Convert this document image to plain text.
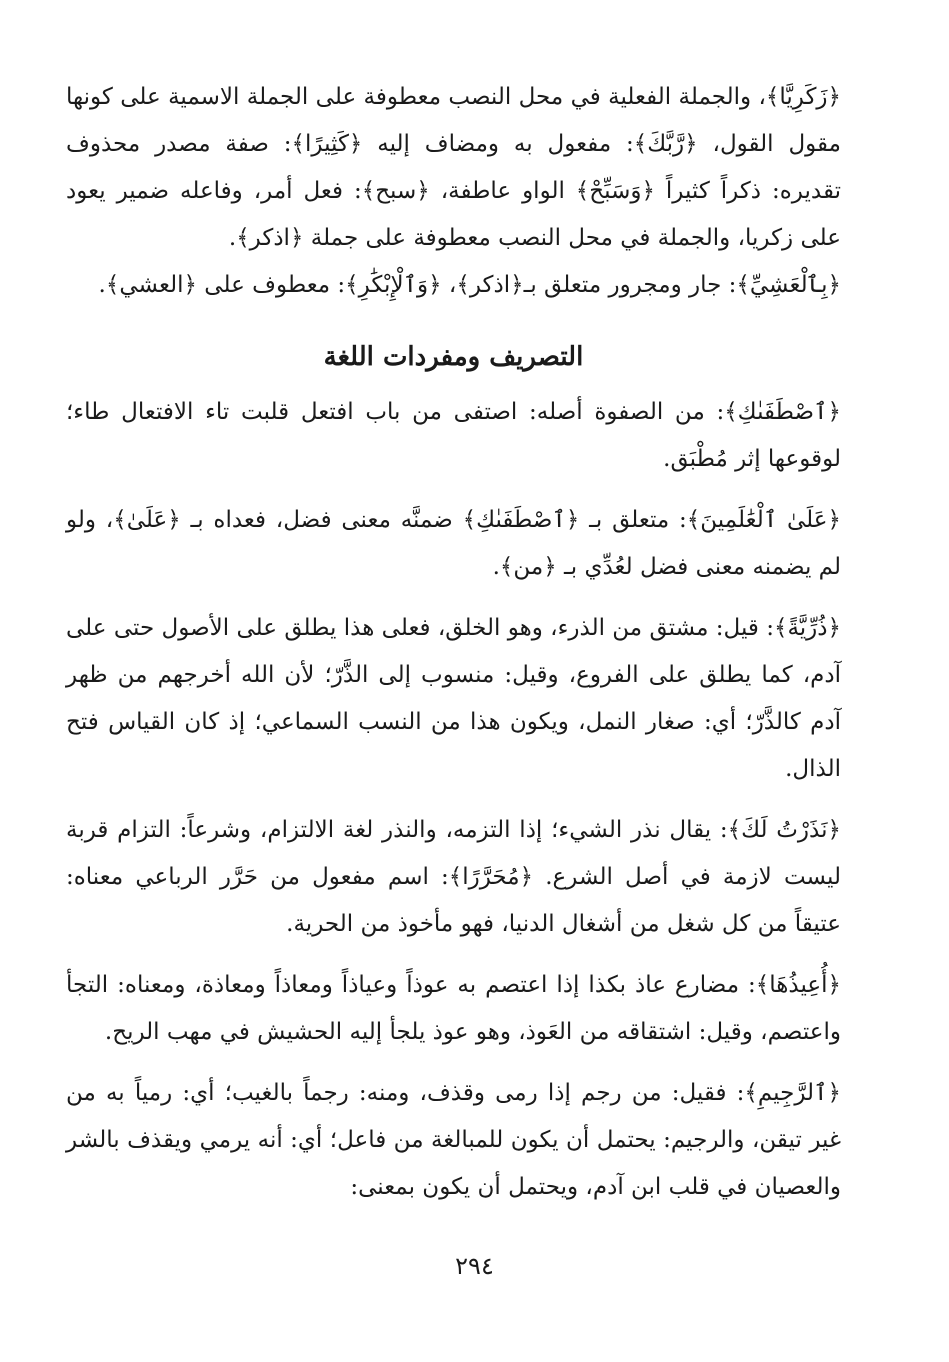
﴿زَكَرِيَّا﴾، والجملة الفعلية في محل النصب معطوفة على الجملة الاسمية على كونها مقول القول، ﴿رَّبَّكَ﴾: مفعول به ومضاف إليه ﴿كَثِيرًا﴾: صفة مصدر محذوف تقديره: ذكراً كثيراً ﴿وَسَبِّحْ﴾ الواو عاطفة، ﴿سبح﴾: فعل أمر، وفاعله ضمير يعود على زكريا، والجملة في محل النصب معطوفة على جملة ﴿اذكر﴾.

﴿بِٱلْعَشِيِّ﴾: جار ومجرور متعلق بـ﴿اذكر﴾، ﴿وَٱلْإِبْكَٰرِ﴾: معطوف على ﴿العشي﴾.

التصريف ومفردات اللغة

﴿ٱصْطَفَىٰكِ﴾: من الصفوة أصله: اصتفى من باب افتعل قلبت تاء الافتعال طاء؛ لوقوعها إثر مُطْبَق.

﴿عَلَىٰ ٱلْعَٰلَمِينَ﴾: متعلق بـ ﴿ٱصْطَفَىٰكِ﴾ ضمنَّه معنى فضل، فعداه بـ ﴿عَلَىٰ﴾، ولو لم يضمنه معنى فضل لعُدِّي بـ ﴿من﴾.

﴿ذُرِّيَّةً﴾: قيل: مشتق من الذرء، وهو الخلق، فعلى هذا يطلق على الأصول حتى على آدم، كما يطلق على الفروع، وقيل: منسوب إلى الذَّرّ؛ لأن الله أخرجهم من ظهر آدم كالذَّرّ؛ أي: صغار النمل، ويكون هذا من النسب السماعي؛ إذ كان القياس فتح الذال.

﴿نَذَرْتُ لَكَ﴾: يقال نذر الشيء؛ إذا التزمه، والنذر لغة الالتزام، وشرعاً: التزام قربة ليست لازمة في أصل الشرع. ﴿مُحَرَّرًا﴾: اسم مفعول من حَرَّر الرباعي معناه: عتيقاً من كل شغل من أشغال الدنيا، فهو مأخوذ من الحرية.

﴿أُعِيذُهَا﴾: مضارع عاذ بكذا إذا اعتصم به عوذاً وعياذاً ومعاذاً ومعاذة، ومعناه: التجأ واعتصم، وقيل: اشتقاقه من العَوذ، وهو عوذ يلجأ إليه الحشيش في مهب الريح.

﴿ٱلرَّجِيمِ﴾: فقيل: من رجم إذا رمى وقذف، ومنه: رجماً بالغيب؛ أي: رمياً به من غير تيقن، والرجيم: يحتمل أن يكون للمبالغة من فاعل؛ أي: أنه يرمي ويقذف بالشر والعصيان في قلب ابن آدم، ويحتمل أن يكون بمعنى:

٢٩٤
